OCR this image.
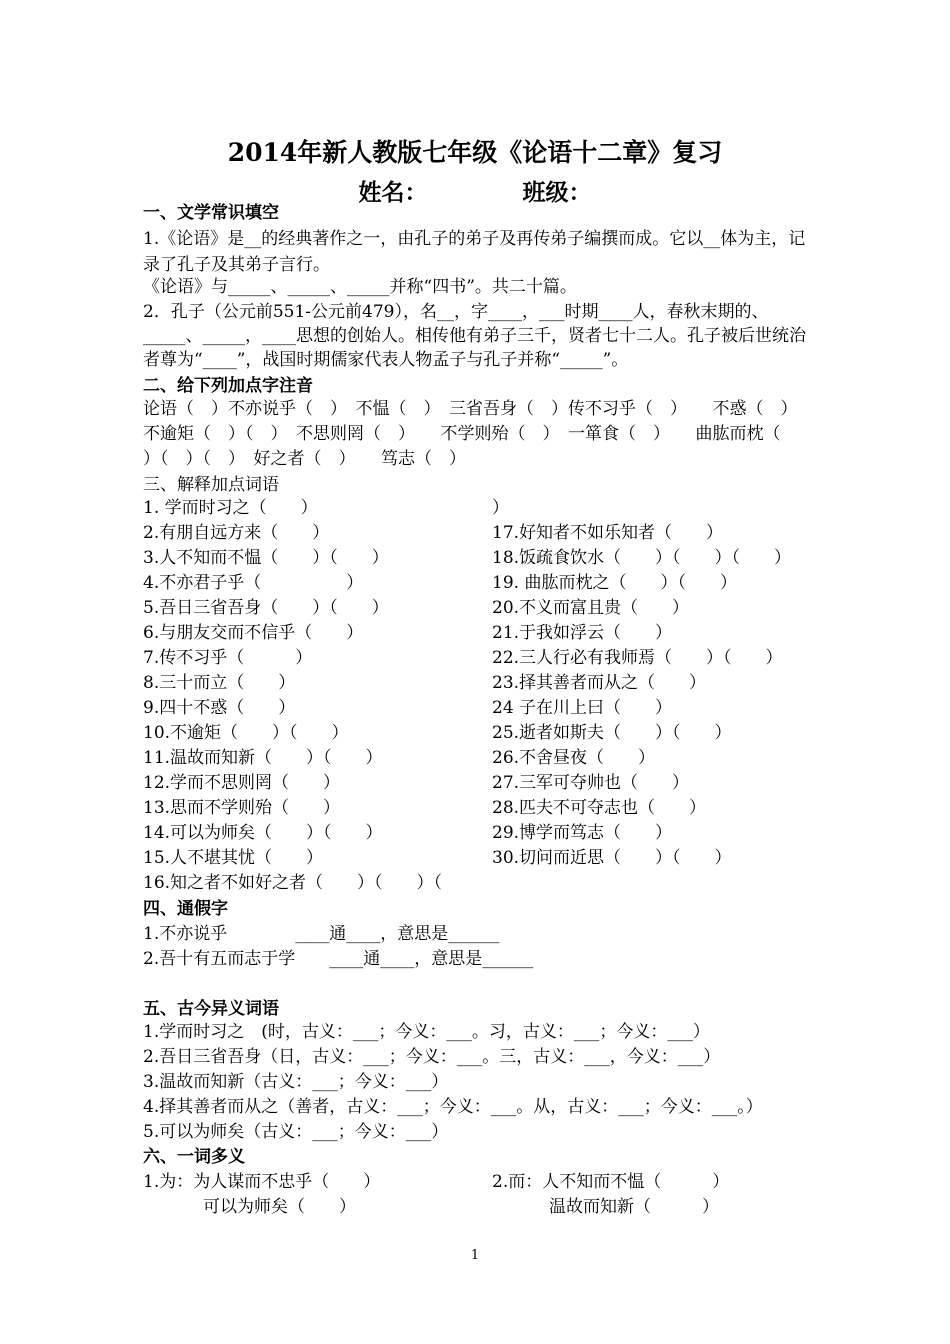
2014年新人教版七年级《论语十二章》复习
姓名：	班级：
一、文学常识填空
1.《论语》是__的经典著作之一，由孔子的弟子及再传弟子编撰而成。它以__体为主，记录了孔子及其弟子言行。
《论语》与_____、_____、_____并称“四书”。共二十篇。
2．孔子（公元前551-公元前479），名__，字____，___时期____人，春秋末期的、_____、_____，____思想的创始人。相传他有弟子三千，贤者七十二人。孔子被后世统治者尊为“____”，战国时期儒家代表人物孟子与孔子并称“_____”。
二、给下列加点字注音
论语（　）不亦说乎（　）　不愠（　）　三省吾身（　）传不习乎（　）　　不惑（　）
不逾矩（　）（　）　不思则罔（　）　　不学则殆（　）　一箪食（　）　　曲肱而枕（
）（　）（　）　好之者（　）　　笃志（　）
三、解释加点词语
1. 学而时习之（　　）
2.有朋自远方来（　　）
3.人不知而不愠（　　）（　　）
4.不亦君子乎（　　　　　）
5.吾日三省吾身（　　）（　　）
6.与朋友交而不信乎（　　）
7.传不习乎（　　　）
8.三十而立（　　）
9.四十不惑（　　）
10.不逾矩（　　）（　　）
11.温故而知新（　　）（　　）
12.学而不思则罔（　　）
13.思而不学则殆（　　）
14.可以为师矣（　　）（　　）
15.人不堪其忧（　　）
16.知之者不如好之者（　　）（　　）（
）
17.好知者不如乐知者（　　）
18.饭疏食饮水（　　）（　　）（　　）
19. 曲肱而枕之（　　）（　　）
20.不义而富且贵（　　）
21.于我如浮云（　　）
22.三人行必有我师焉（　　）（　　）
23.择其善者而从之（　　）
24 子在川上曰（　　）
25.逝者如斯夫（　　）（　　）
26.不舍昼夜（　　）
27.三军可夺帅也（　　）
28.匹夫不可夺志也（　　）
29.博学而笃志（　　）
30.切问而近思（　　）（　　）
四、通假字
1.不亦说乎　　　　____通____，意思是______
2.吾十有五而志于学　　____通____，意思是______
五、古今异义词语
1.学而时习之　(时，古义：___；今义：___。习，古义：___；今义：___）
2.吾日三省吾身（日，古义：___；今义：___。三，古义：___，今义：___）
3.温故而知新（古义：___；今义：___）
4.择其善者而从之（善者，古义：___；今义：___。从，古义：___；今义：___。）
5.可以为师矣（古义：___；今义：___）
六、一词多义
1.为：为人谋而不忠乎（　　）
可以为师矣（　　）
2.而：人不知而不愠（　　　）
温故而知新（　　　）
1
